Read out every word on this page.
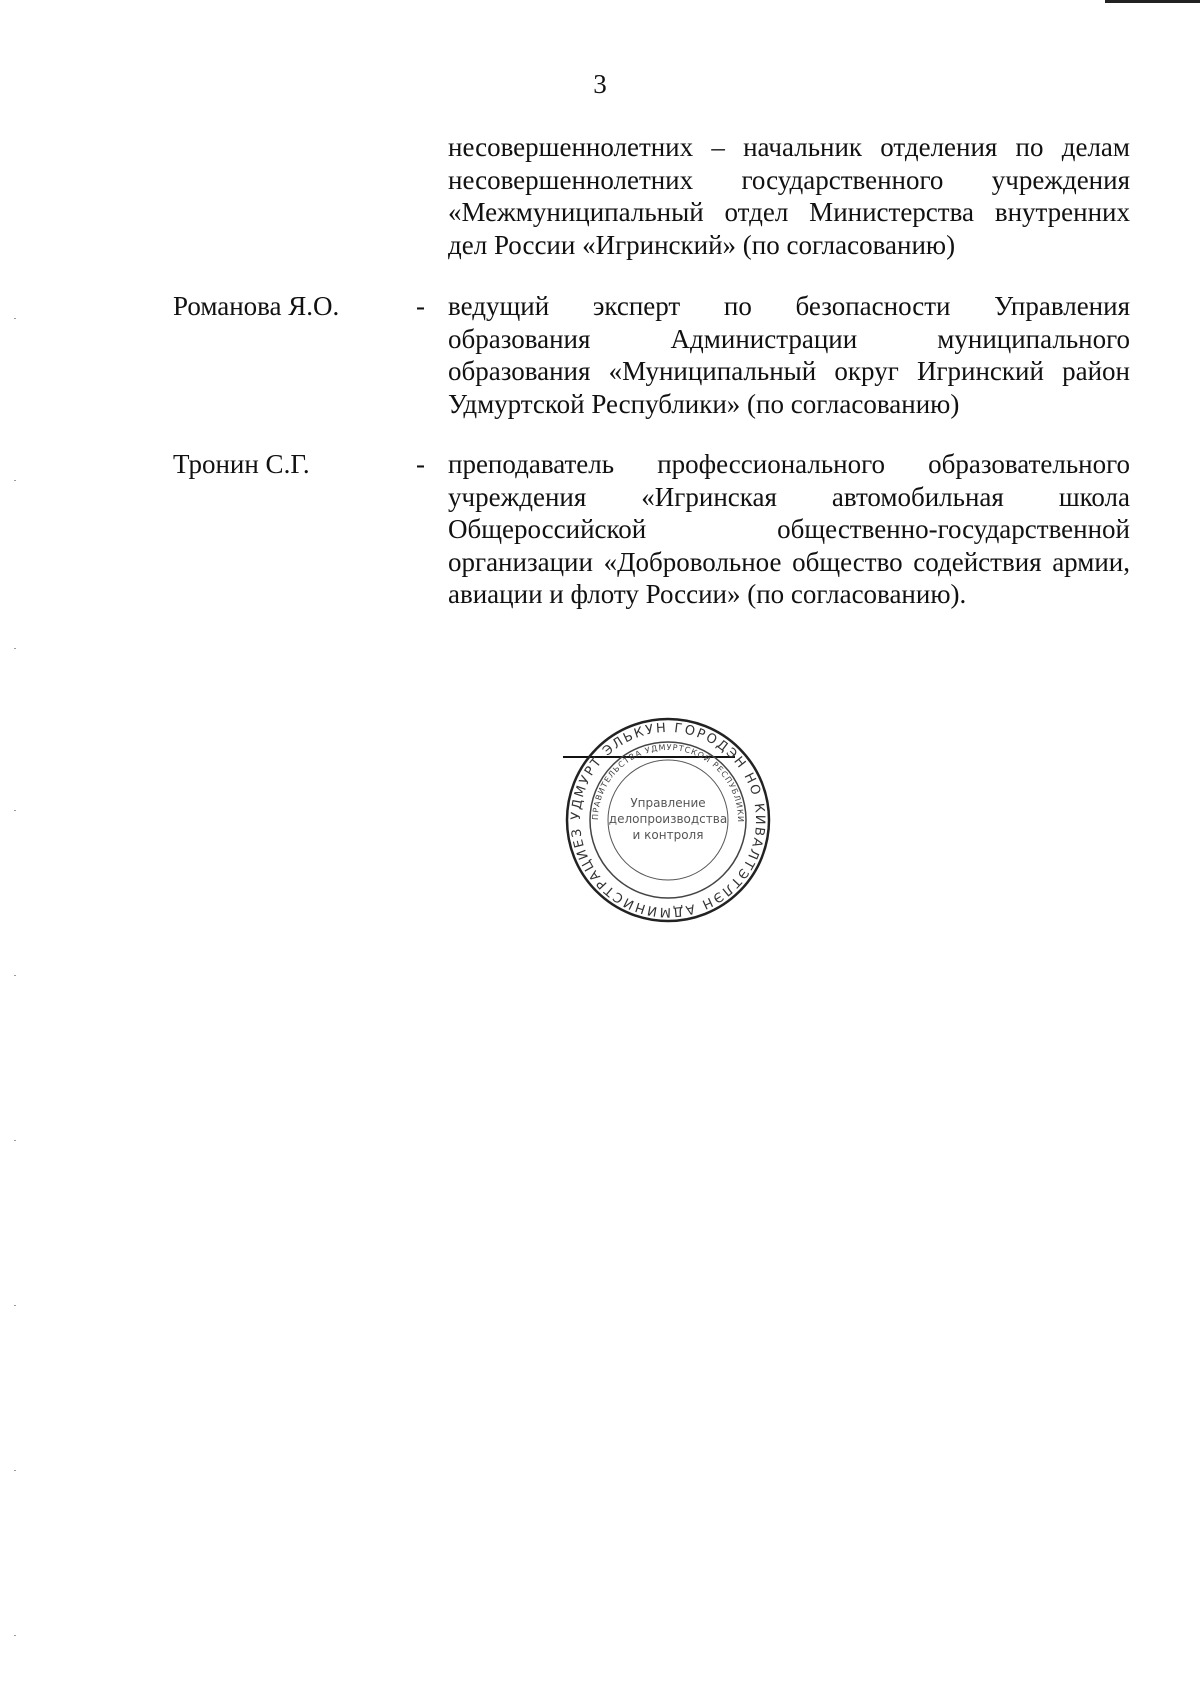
3
несовершеннолетних – начальник отделения по делам несовершеннолетних государственного учреждения «Межмуниципальный отдел Министерства внутренних дел России «Игринский» (по согласованию)
Романова Я.О.	- ведущий эксперт по безопасности Управления образования Администрации муниципального образования «Муниципальный округ Игринский район Удмуртской Республики» (по согласованию)
Тронин С.Г.	- преподаватель профессионального образовательного учреждения «Игринская автомобильная школа Общероссийской общественно-государственной организации «Добровольное общество содействия армии, авиации и флоту России» (по согласованию).
УДМУРТ ЭЛЬКУН ГОРОДЭН НО КИВАЛТЭТЛЭН АДМИНИСТРАЦИЕЗ
ПРАВИТЕЛЬСТВА УДМУРТСКОЙ РЕСПУБЛИКИ
Управление
делопроизводства
и контроля
